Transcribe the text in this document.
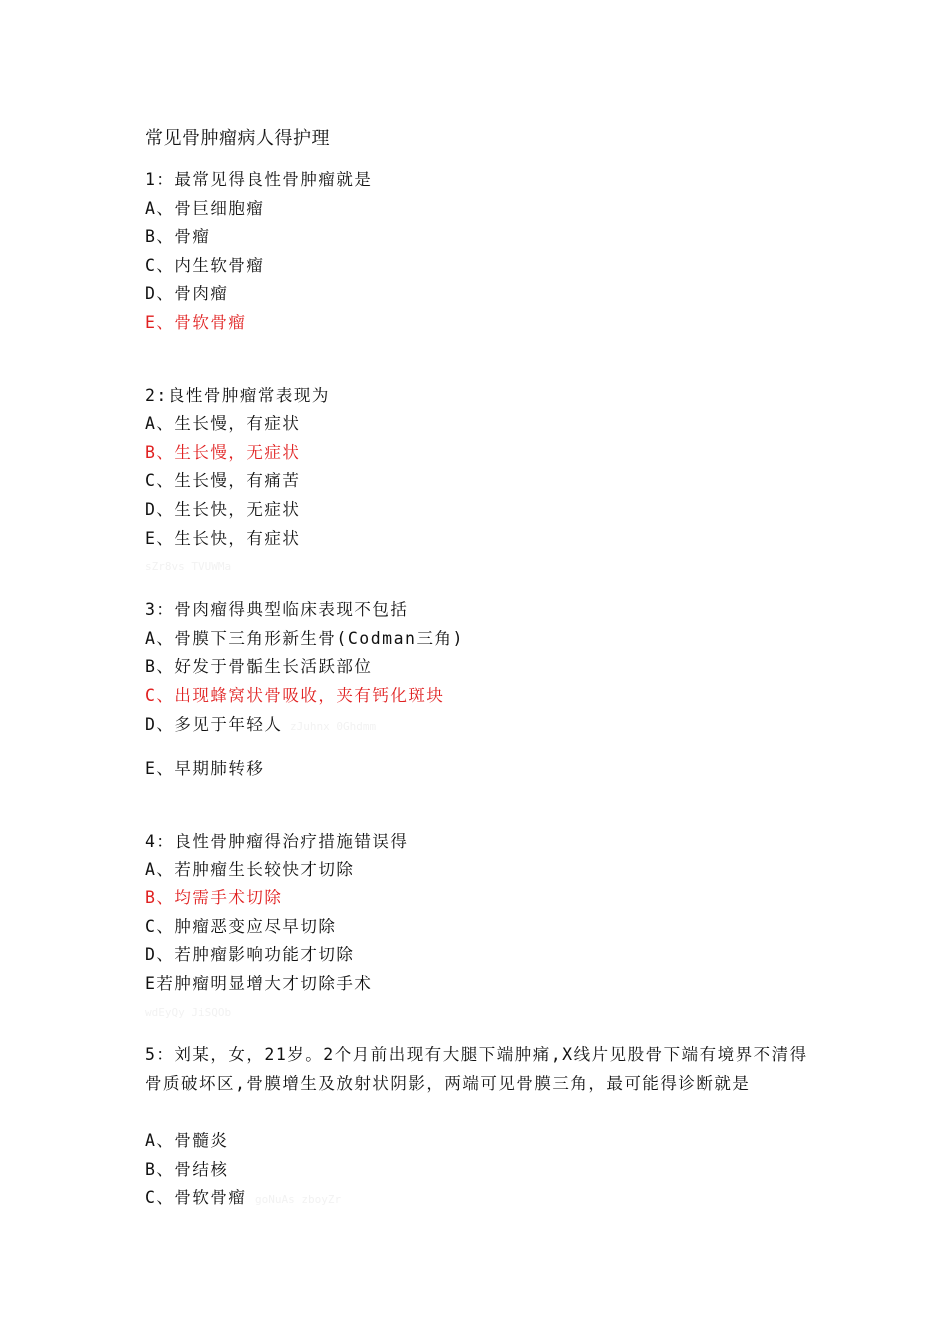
常见骨肿瘤病人得护理
1：最常见得良性骨肿瘤就是
A、骨巨细胞瘤
B、骨瘤
C、内生软骨瘤
D、骨肉瘤
E、骨软骨瘤
2:良性骨肿瘤常表现为
A、生长慢，有症状
B、生长慢，无症状
C、生长慢，有痛苦
D、生长快，无症状
E、生长快，有症状
sZr8vs TVUWMa
3：骨肉瘤得典型临床表现不包括
A、骨膜下三角形新生骨(Codman三角)
B、好发于骨骺生长活跃部位
C、出现蜂窝状骨吸收，夹有钙化斑块
D、多见于年轻人 zJuhnx 0Ghdmm
E、早期肺转移
4：良性骨肿瘤得治疗措施错误得
A、若肿瘤生长较快才切除
B、均需手术切除
C、肿瘤恶变应尽早切除
D、若肿瘤影响功能才切除
E若肿瘤明显增大才切除手术
wdEyQy JiSQOb
5：刘某，女，21岁。2个月前出现有大腿下端肿痛,X线片见股骨下端有境界不清得骨质破坏区,骨膜增生及放射状阴影，两端可见骨膜三角，最可能得诊断就是
A、骨髓炎
B、骨结核
C、骨软骨瘤 goNuAs zboyZr
